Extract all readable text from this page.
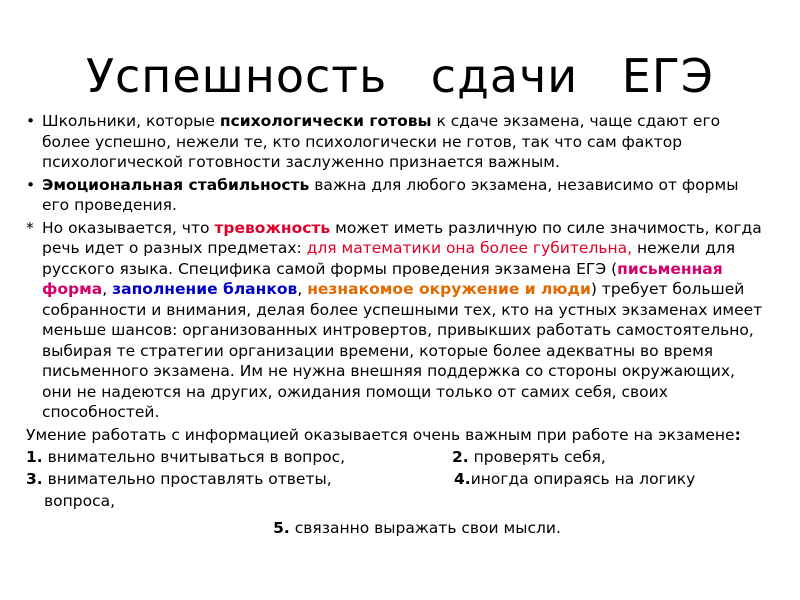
Успешность сдачи ЕГЭ
• Школьники, которые психологически готовы к сдаче экзамена, чаще сдают его более успешно, нежели те, кто психологически не готов, так что сам фактор психологической готовности заслуженно признается важным.
• Эмоциональная стабильность важна для любого экзамена, независимо от формы его проведения.
* Но оказывается, что тревожность может иметь различную по силе значимость, когда речь идет о разных предметах: для математики она более губительна, нежели для русского языка. Специфика самой формы проведения экзамена ЕГЭ (письменная форма, заполнение бланков, незнакомое окружение и люди) требует большей собранности и внимания, делая более успешными тех, кто на устных экзаменах имеет меньше шансов: организованных интровертов, привыкших работать самостоятельно, выбирая те стратегии организации времени, которые более адекватны во время письменного экзамена. Им не нужна внешняя поддержка со стороны окружающих, они не надеются на других, ожидания помощи только от самих себя, своих способностей.
Умение работать с информацией оказывается очень важным при работе на экзамене:
1. внимательно вчитываться в вопрос,	2. проверять себя,
3. внимательно проставлять ответы,	4.иногда опираясь на логику
вопроса,
5. связанно выражать свои мысли.
